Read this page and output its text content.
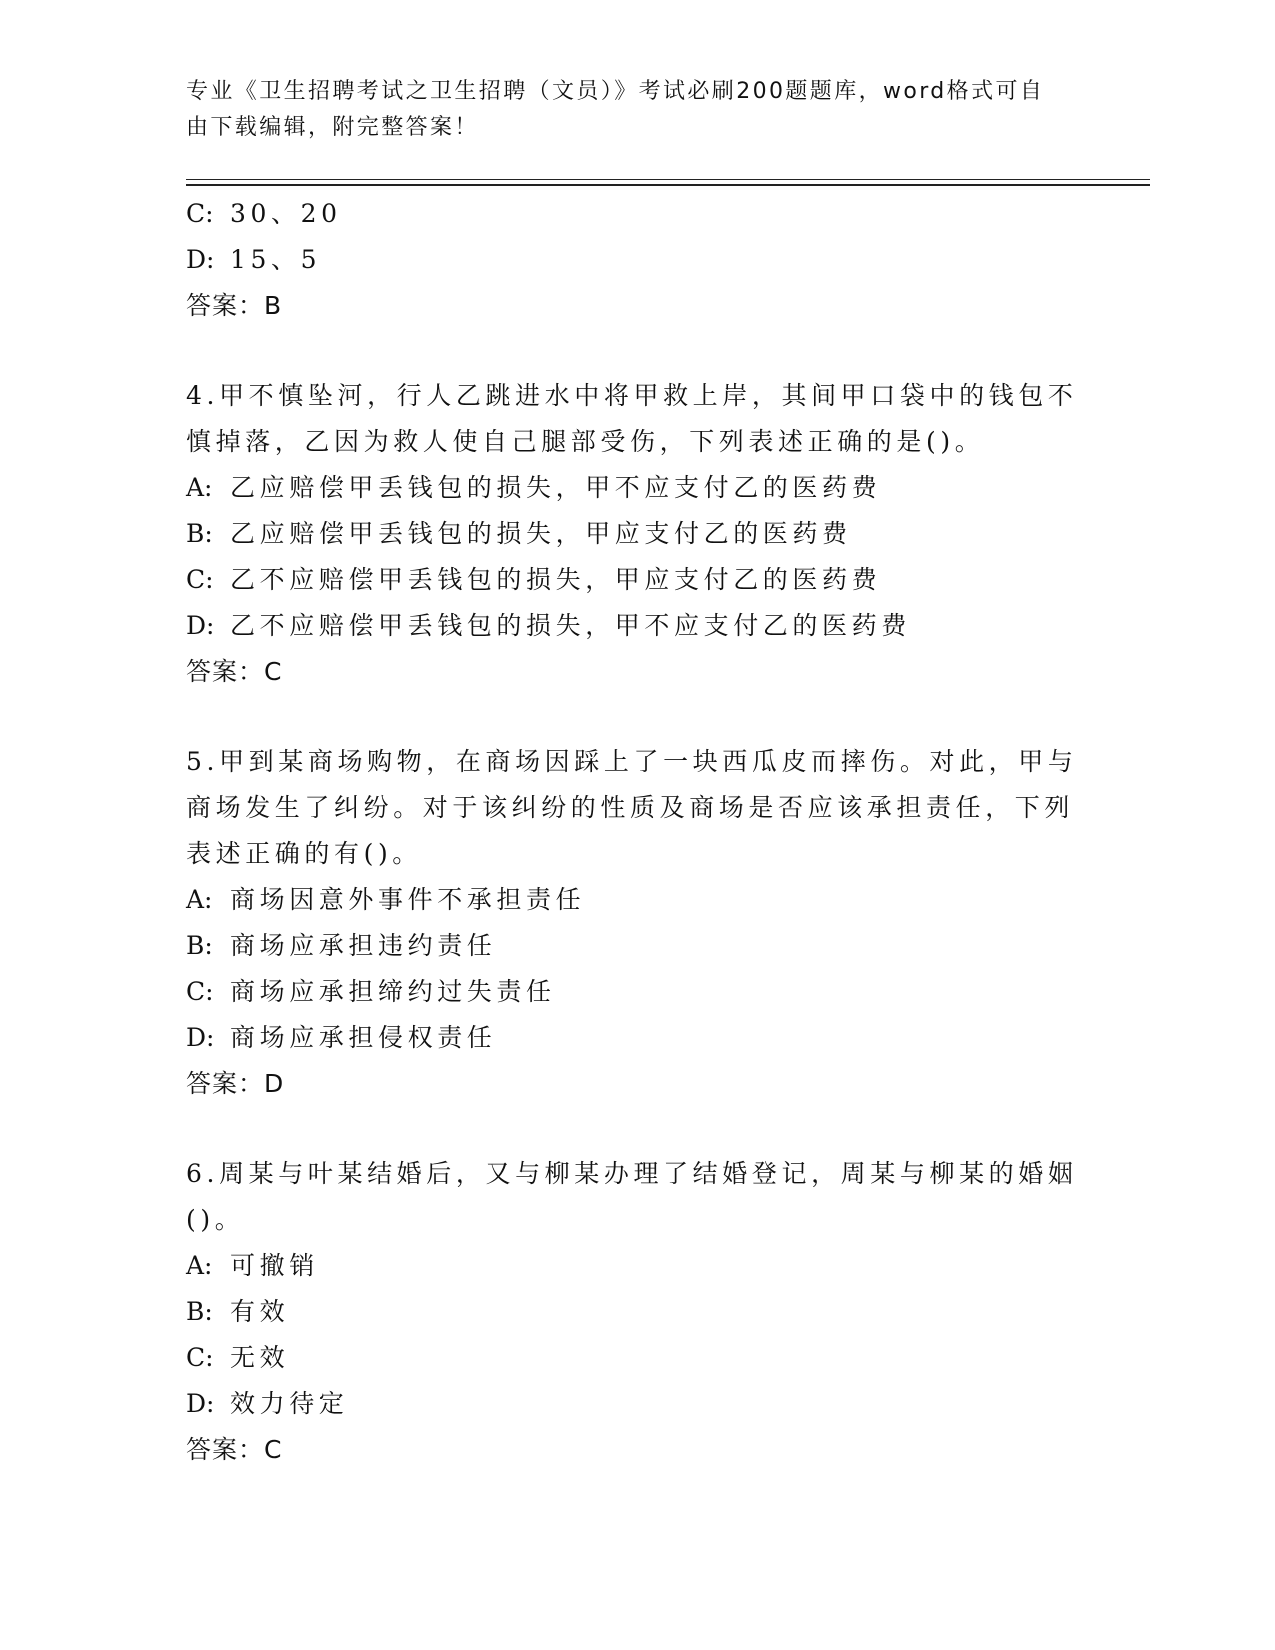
专业《卫生招聘考试之卫生招聘（文员）》考试必刷200题题库，word格式可自由下载编辑，附完整答案！
C: 30、20
D: 15、5
答案：B
4.甲不慎坠河，行人乙跳进水中将甲救上岸，其间甲口袋中的钱包不
慎掉落，乙因为救人使自己腿部受伤，下列表述正确的是()。
A: 乙应赔偿甲丢钱包的损失，甲不应支付乙的医药费
B: 乙应赔偿甲丢钱包的损失，甲应支付乙的医药费
C: 乙不应赔偿甲丢钱包的损失，甲应支付乙的医药费
D: 乙不应赔偿甲丢钱包的损失，甲不应支付乙的医药费
答案：C
5.甲到某商场购物，在商场因踩上了一块西瓜皮而摔伤。对此，甲与
商场发生了纠纷。对于该纠纷的性质及商场是否应该承担责任，下列
表述正确的有()。
A: 商场因意外事件不承担责任
B: 商场应承担违约责任
C: 商场应承担缔约过失责任
D: 商场应承担侵权责任
答案：D
6.周某与叶某结婚后，又与柳某办理了结婚登记，周某与柳某的婚姻
()。
A: 可撤销
B: 有效
C: 无效
D: 效力待定
答案：C
